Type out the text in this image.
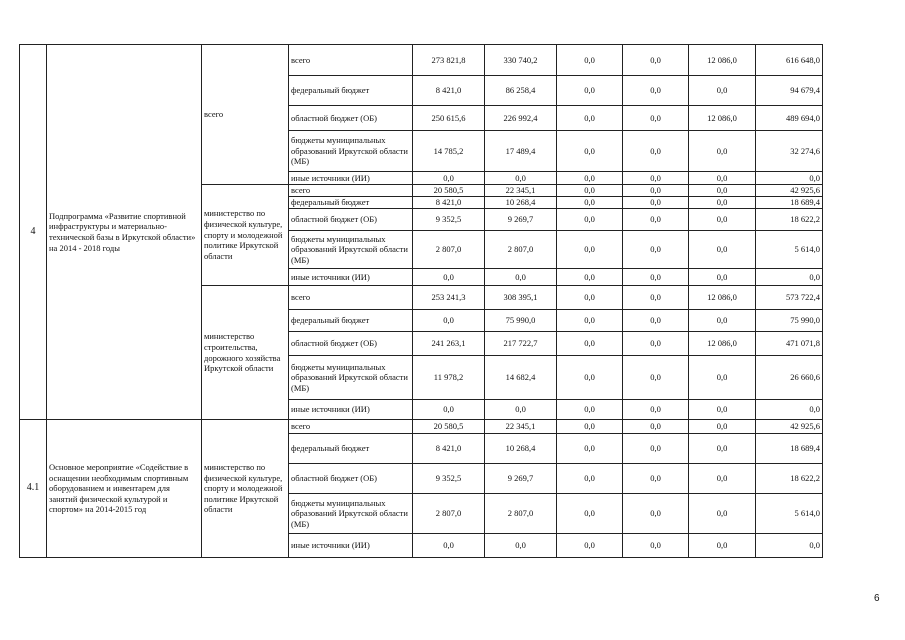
4	Подпрограмма «Развитие спортивной инфраструктуры и материально- технической базы в Иркутской области» на 2014 - 2018 годы	всего	всего	273 821,8	330 740,2	0,0	0,0	12 086,0	616 648,0
			федеральный бюджет	8 421,0	86 258,4	0,0	0,0	0,0	94 679,4
			областной бюджет (ОБ)	250 615,6	226 992,4	0,0	0,0	12 086,0	489 694,0
			бюджеты муниципальных образований Иркутской области (МБ)	14 785,2	17 489,4	0,0	0,0	0,0	32 274,6
			иные источники (ИИ)	0,0	0,0	0,0	0,0	0,0	0,0
		министерство по физической культуре, спорту и молодежной политике Иркутской области	всего	20 580,5	22 345,1	0,0	0,0	0,0	42 925,6
			федеральный бюджет	8 421,0	10 268,4	0,0	0,0	0,0	18 689,4
			областной бюджет (ОБ)	9 352,5	9 269,7	0,0	0,0	0,0	18 622,2
			бюджеты муниципальных образований Иркутской области (МБ)	2 807,0	2 807,0	0,0	0,0	0,0	5 614,0
			иные источники (ИИ)	0,0	0,0	0,0	0,0	0,0	0,0
		министерство строительства, дорожного хозяйства Иркутской области	всего	253 241,3	308 395,1	0,0	0,0	12 086,0	573 722,4
			федеральный бюджет	0,0	75 990,0	0,0	0,0	0,0	75 990,0
			областной бюджет (ОБ)	241 263,1	217 722,7	0,0	0,0	12 086,0	471 071,8
			бюджеты муниципальных образований Иркутской области (МБ)	11 978,2	14 682,4	0,0	0,0	0,0	26 660,6
			иные источники (ИИ)	0,0	0,0	0,0	0,0	0,0	0,0
4.1	Основное мероприятие «Содействие в оснащении необходимым спортивным оборудованием и инвентарем для занятий физической культурой и спортом» на 2014-2015 год	министерство по физической культуре, спорту и молодежной политике Иркутской области	всего	20 580,5	22 345,1	0,0	0,0	0,0	42 925,6
			федеральный бюджет	8 421,0	10 268,4	0,0	0,0	0,0	18 689,4
			областной бюджет (ОБ)	9 352,5	9 269,7	0,0	0,0	0,0	18 622,2
			бюджеты муниципальных образований Иркутской области (МБ)	2 807,0	2 807,0	0,0	0,0	0,0	5 614,0
			иные источники (ИИ)	0,0	0,0	0,0	0,0	0,0	0,0
6
